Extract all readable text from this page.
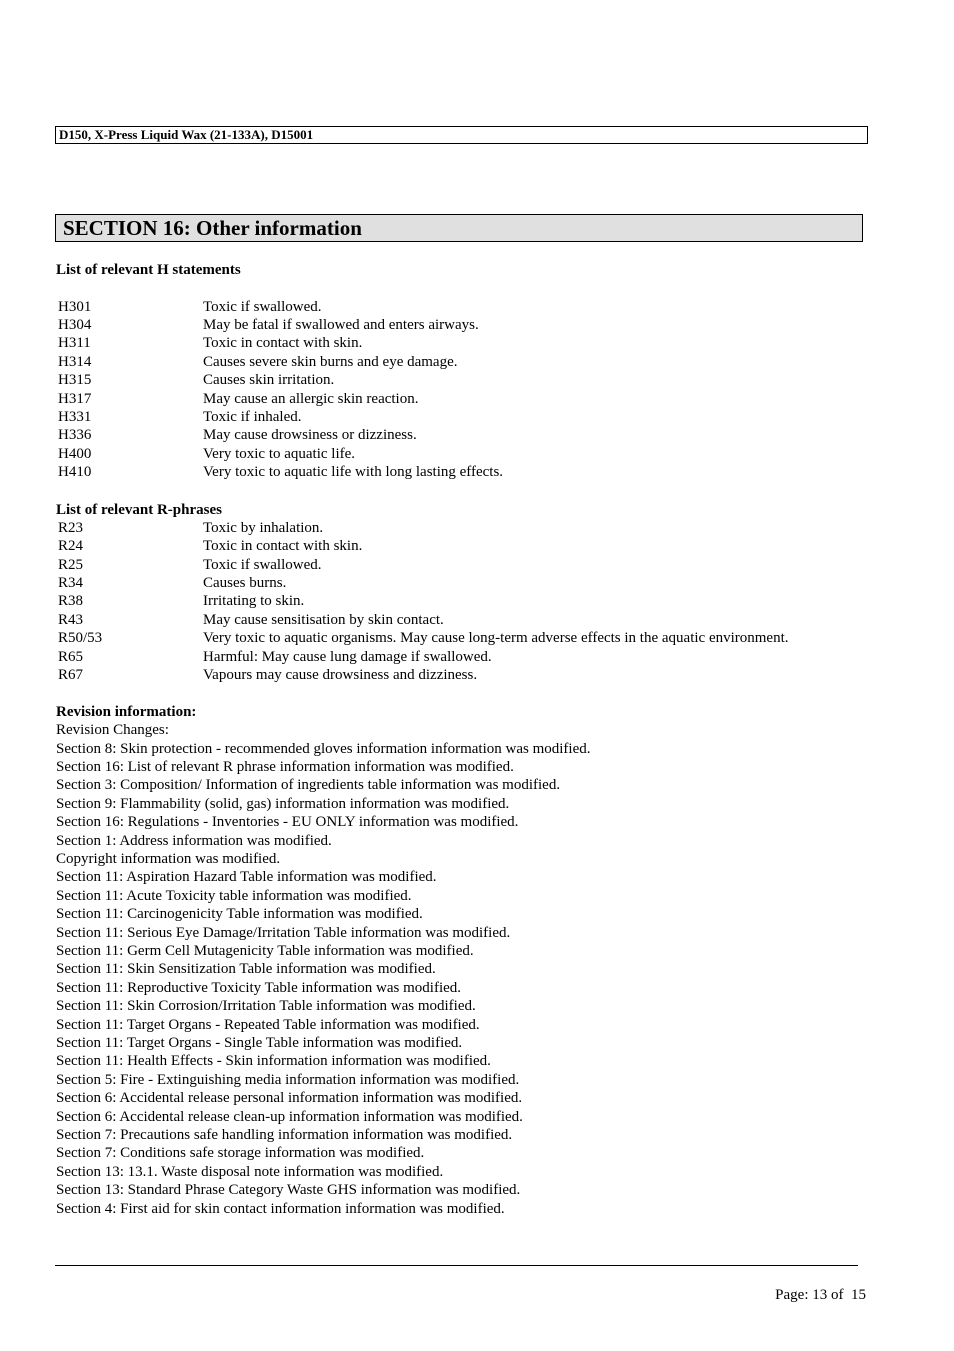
D150, X-Press Liquid Wax (21-133A), D15001
SECTION 16: Other information
List of relevant H statements
H301	Toxic if swallowed.
H304	May be fatal if swallowed and enters airways.
H311	Toxic in contact with skin.
H314	Causes severe skin burns and eye damage.
H315	Causes skin irritation.
H317	May cause an allergic skin reaction.
H331	Toxic if inhaled.
H336	May cause drowsiness or dizziness.
H400	Very toxic to aquatic life.
H410	Very toxic to aquatic life with long lasting effects.
List of relevant R-phrases
R23	Toxic by inhalation.
R24	Toxic in contact with skin.
R25	Toxic if swallowed.
R34	Causes burns.
R38	Irritating to skin.
R43	May cause sensitisation by skin contact.
R50/53	Very toxic to aquatic organisms. May cause long-term adverse effects in the aquatic environment.
R65	Harmful: May cause lung damage if swallowed.
R67	Vapours may cause drowsiness and dizziness.
Revision information:
Revision Changes:
Section 8: Skin protection - recommended gloves information information was modified.
Section 16: List of relevant R phrase information information was modified.
Section 3: Composition/ Information of ingredients table information was modified.
Section 9: Flammability (solid, gas) information information was modified.
Section 16: Regulations - Inventories - EU ONLY information was modified.
Section 1: Address information was modified.
Copyright information was modified.
Section 11: Aspiration Hazard Table information was modified.
Section 11: Acute Toxicity table information was modified.
Section 11: Carcinogenicity Table information was modified.
Section 11: Serious Eye Damage/Irritation Table information was modified.
Section 11: Germ Cell Mutagenicity Table information was modified.
Section 11: Skin Sensitization Table information was modified.
Section 11: Reproductive Toxicity Table information was modified.
Section 11: Skin Corrosion/Irritation Table information was modified.
Section 11: Target Organs - Repeated Table information was modified.
Section 11: Target Organs - Single Table information was modified.
Section 11: Health Effects - Skin information information was modified.
Section 5: Fire - Extinguishing media information information was modified.
Section 6: Accidental release personal information information was modified.
Section 6: Accidental release clean-up information information was modified.
Section 7: Precautions safe handling information information was modified.
Section 7: Conditions safe storage information was modified.
Section 13: 13.1. Waste disposal note information was modified.
Section 13: Standard Phrase Category Waste GHS information was modified.
Section 4: First aid for skin contact information information was modified.
Page: 13 of  15
